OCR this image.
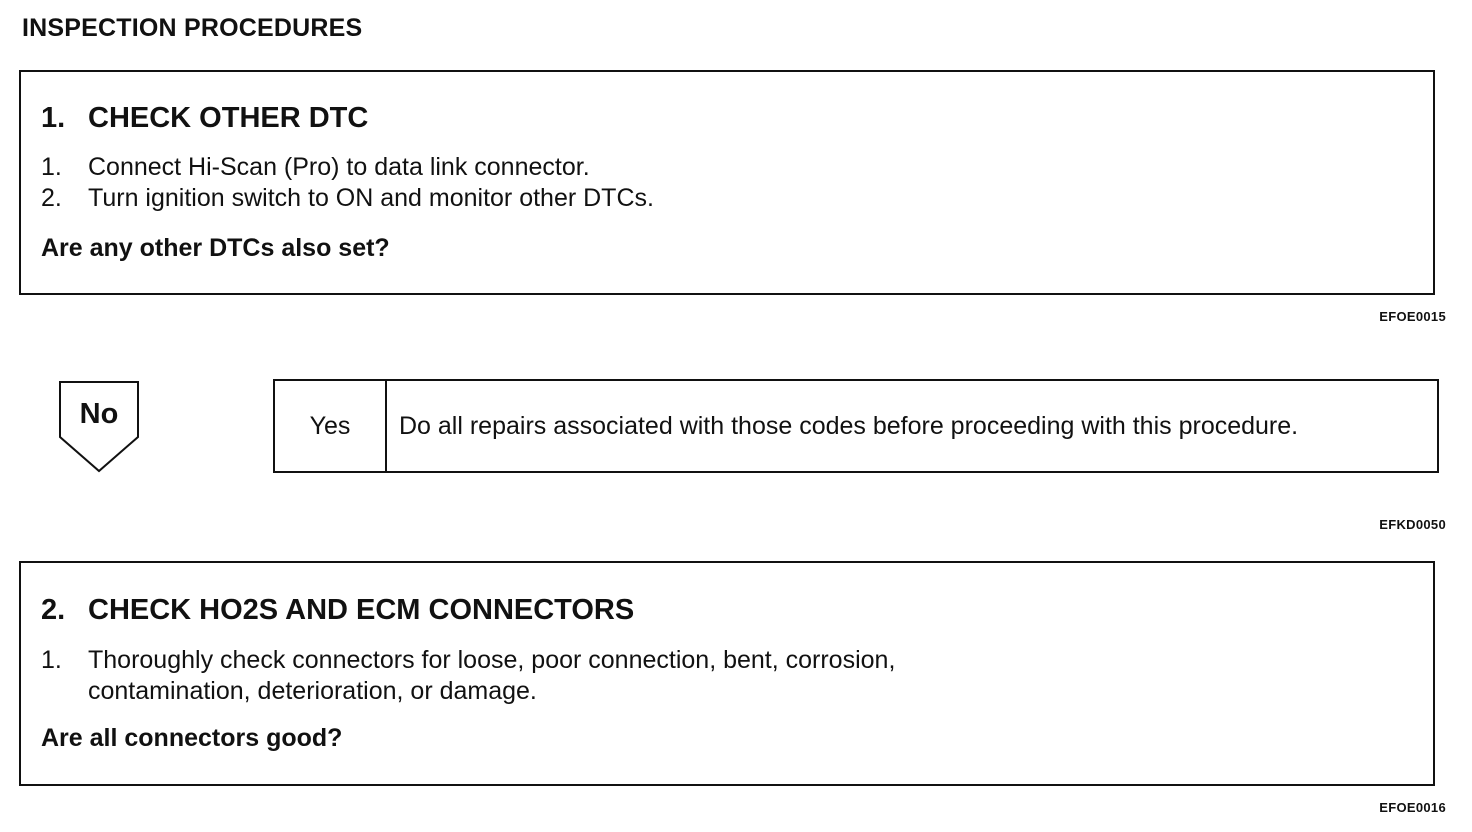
INSPECTION PROCEDURES
1. CHECK OTHER DTC
1.	Connect Hi-Scan (Pro) to data link connector.
2.	Turn ignition switch to ON and monitor other DTCs.
Are any other DTCs also set?
EFOE0015
No	Yes	Do all repairs associated with those codes before proceeding with this procedure.
EFKD0050
2. CHECK HO2S AND ECM CONNECTORS
1.	Thoroughly check connectors for loose, poor connection, bent, corrosion,
contamination, deterioration, or damage.
Are all connectors good?
EFOE0016
